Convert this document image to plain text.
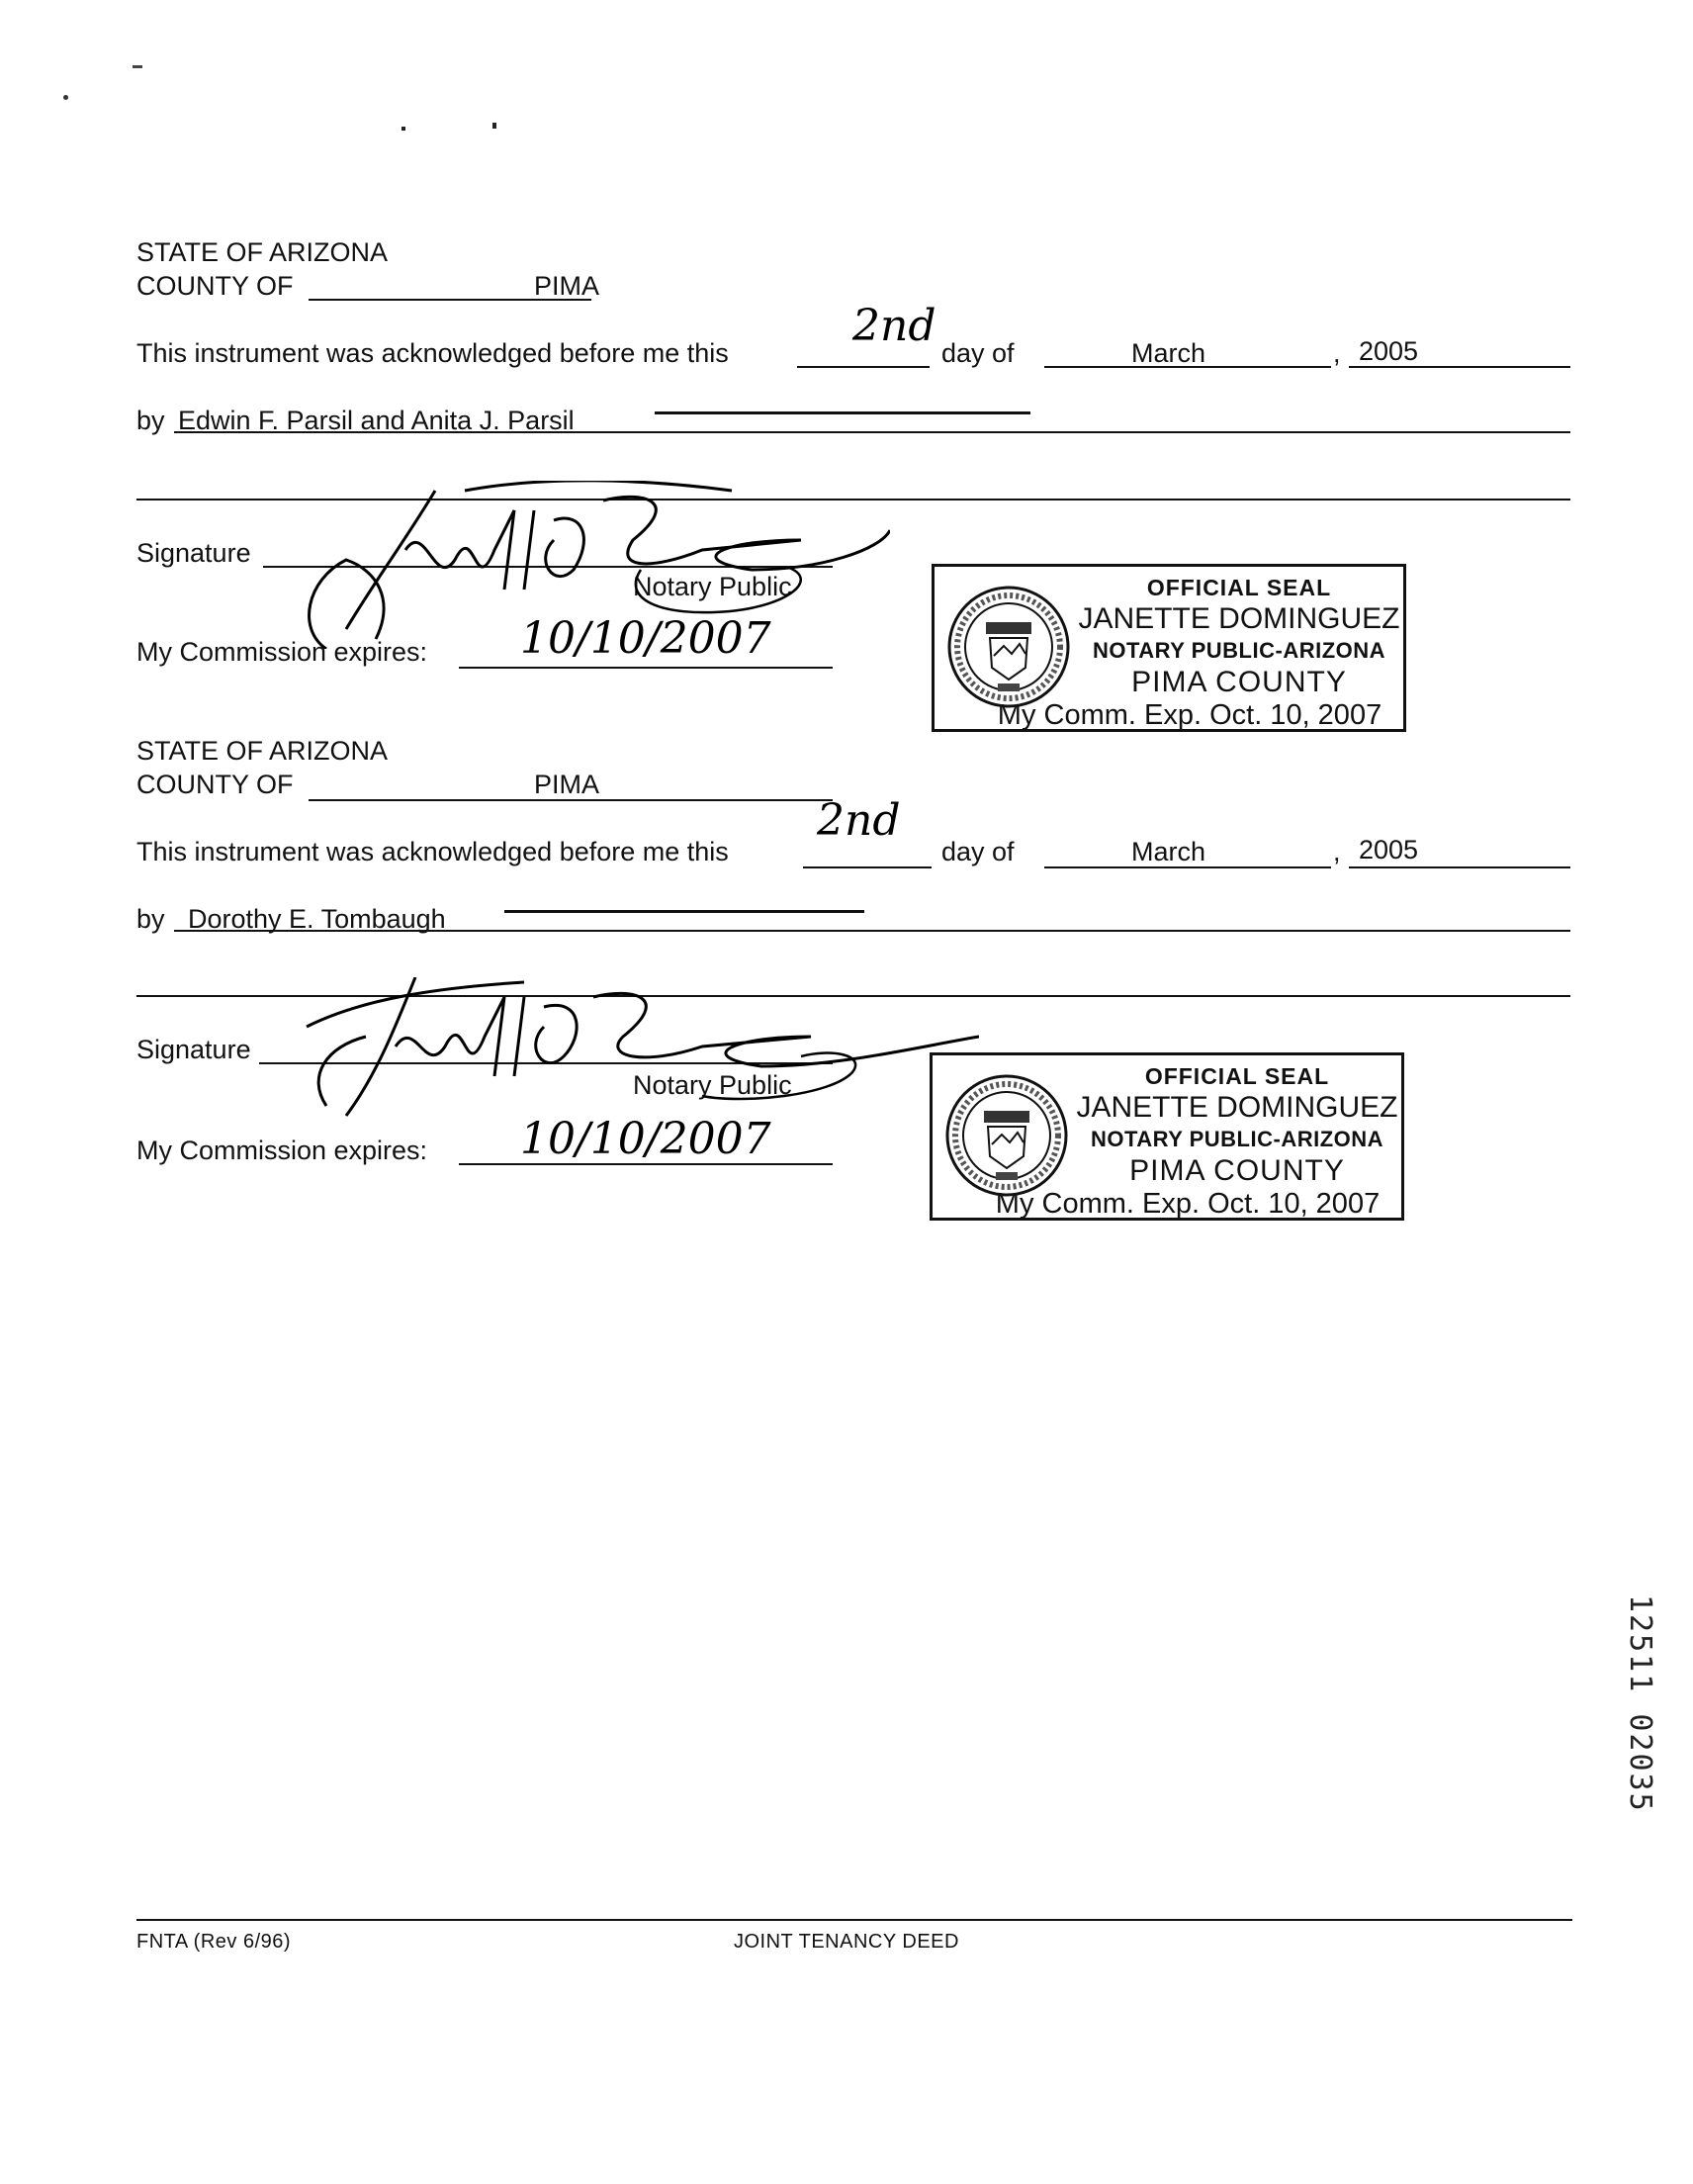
STATE OF ARIZONA
COUNTY OF	PIMA
This instrument was acknowledged before me this
2nd
day of	March	, 2005
by Edwin F. Parsil and Anita J. Parsil
Signature
Notary Public
My Commission expires: 10/10/2007
OFFICIAL SEAL
JANETTE DOMINGUEZ
NOTARY PUBLIC-ARIZONA
PIMA COUNTY
My Comm. Exp. Oct. 10, 2007
STATE OF ARIZONA
COUNTY OF	PIMA
This instrument was acknowledged before me this
2nd
day of	March	, 2005
by Dorothy E. Tombaugh
Signature
Notary Public
My Commission expires: 10/10/2007
OFFICIAL SEAL
JANETTE DOMINGUEZ
NOTARY PUBLIC-ARIZONA
PIMA COUNTY
My Comm. Exp. Oct. 10, 2007
12511 02035
FNTA (Rev 6/96)	JOINT TENANCY DEED
